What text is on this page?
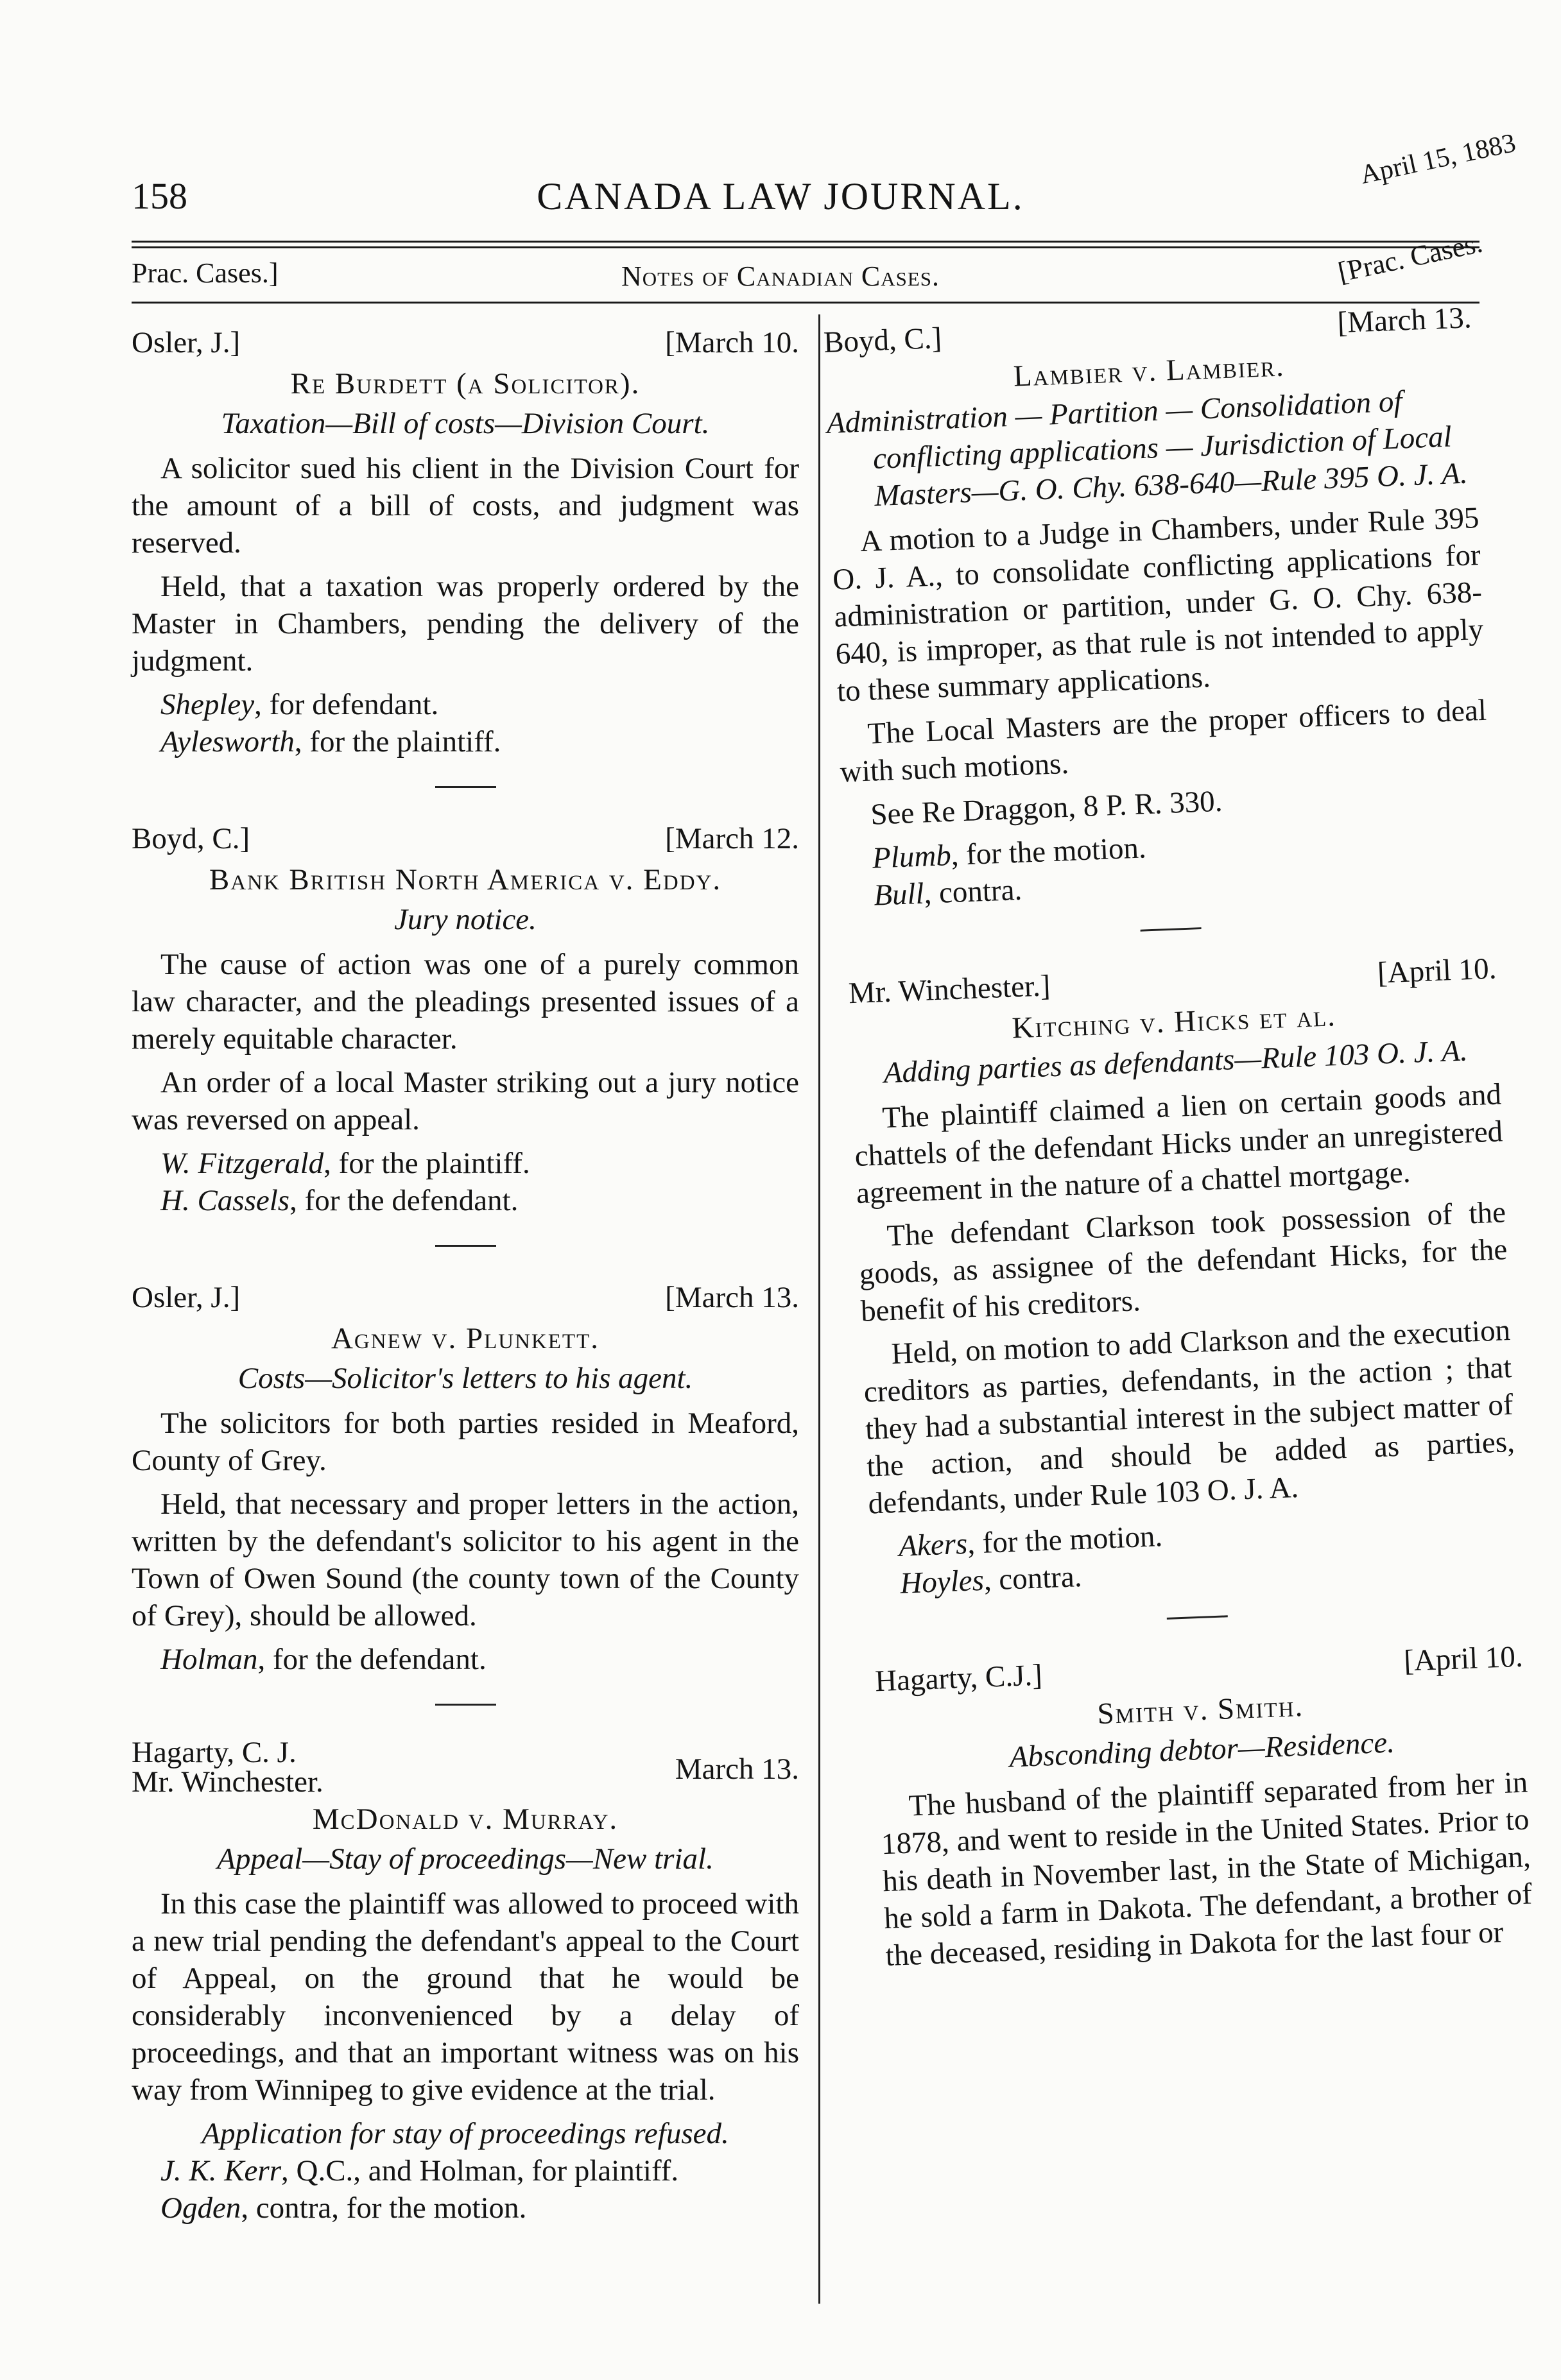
158	CANADA LAW JOURNAL.
April 15, 1883
Prac. Cases.]	Notes of Canadian Cases.	[Prac. Cases.
Osler, J.]	[March 10.
Re Burdett (a Solicitor).
Taxation—Bill of costs—Division Court.

A solicitor sued his client in the Division Court for the amount of a bill of costs, and judgment was reserved.

Held, that a taxation was properly ordered by the Master in Chambers, pending the delivery of the judgment.

Shepley, for defendant.
Aylesworth, for the plaintiff.
Boyd, C.]	[March 12.
Bank British North America v. Eddy.
Jury notice.

The cause of action was one of a purely common law character, and the pleadings presented issues of a merely equitable character.

An order of a local Master striking out a jury notice was reversed on appeal.

W. Fitzgerald, for the plaintiff.
H. Cassels, for the defendant.
Osler, J.]	[March 13.
Agnew v. Plunkett.
Costs—Solicitor's letters to his agent.

The solicitors for both parties resided in Meaford, County of Grey.

Held, that necessary and proper letters in the action, written by the defendant's solicitor to his agent in the Town of Owen Sound (the county town of the County of Grey), should be allowed.

Holman, for the defendant.
Hagarty, C. J.
Mr. Winchester.	March 13.
McDonald v. Murray.
Appeal—Stay of proceedings—New trial.

In this case the plaintiff was allowed to proceed with a new trial pending the defendant's appeal to the Court of Appeal, on the ground that he would be considerably inconvenienced by a delay of proceedings, and that an important witness was on his way from Winnipeg to give evidence at the trial.

Application for stay of proceedings refused.
J. K. Kerr, Q.C., and Holman, for plaintiff.
Ogden, contra, for the motion.
Boyd, C.]
[March 13.
Lambier v. Lambier.
Administration — Partition — Consolidation of conflicting applications — Jurisdiction of Local Masters—G. O. Chy. 638-640—Rule 395 O. J. A.

A motion to a Judge in Chambers, under Rule 395 O. J. A., to consolidate conflicting applications for administration or partition, under G. O. Chy. 638-640, is improper, as that rule is not intended to apply to these summary applications.

The Local Masters are the proper officers to deal with such motions.

See Re Draggon, 8 P. R. 330.

Plumb, for the motion.
Bull, contra.
Mr. Winchester.]	[April 10.
Kitching v. Hicks et al.
Adding parties as defendants—Rule 103 O. J. A.

The plaintiff claimed a lien on certain goods and chattels of the defendant Hicks under an unregistered agreement in the nature of a chattel mortgage.

The defendant Clarkson took possession of the goods, as assignee of the defendant Hicks, for the benefit of his creditors.

Held, on motion to add Clarkson and the execution creditors as parties, defendants, in the action ; that they had a substantial interest in the subject matter of the action, and should be added as parties, defendants, under Rule 103 O. J. A.

Akers, for the motion.
Hoyles, contra.
Hagarty, C.J.]	[April 10.
Smith v. Smith.
Absconding debtor—Residence.

The husband of the plaintiff separated from her in 1878, and went to reside in the United States. Prior to his death in November last, in the State of Michigan, he sold a farm in Dakota. The defendant, a brother of the deceased, residing in Dakota for the last four or
